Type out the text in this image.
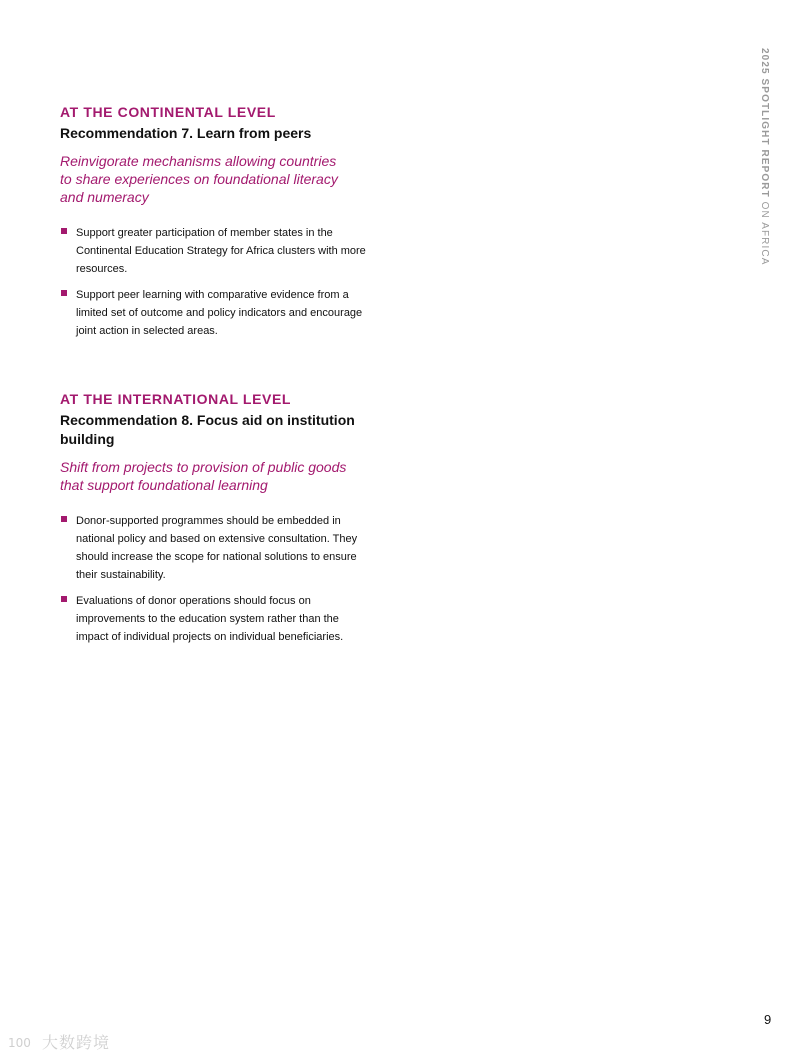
2025 SPOTLIGHT REPORT ON AFRICA
AT THE CONTINENTAL LEVEL
Recommendation 7. Learn from peers
Reinvigorate mechanisms allowing countries to share experiences on foundational literacy and numeracy
Support greater participation of member states in the Continental Education Strategy for Africa clusters with more resources.
Support peer learning with comparative evidence from a limited set of outcome and policy indicators and encourage joint action in selected areas.
AT THE INTERNATIONAL LEVEL
Recommendation 8. Focus aid on institution building
Shift from projects to provision of public goods that support foundational learning
Donor-supported programmes should be embedded in national policy and based on extensive consultation. They should increase the scope for national solutions to ensure their sustainability.
Evaluations of donor operations should focus on improvements to the education system rather than the impact of individual projects on individual beneficiaries.
9
100 大数跨境
